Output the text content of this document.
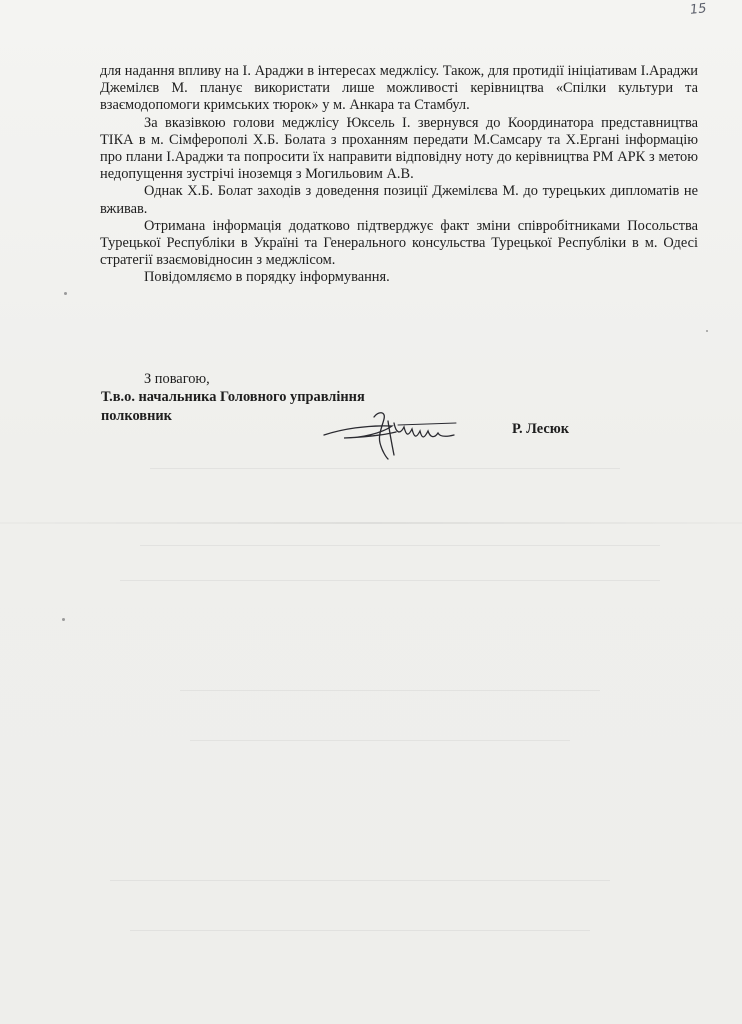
15

для надання впливу на І. Араджи в інтересах меджлісу. Також, для протидії ініціативам І.Араджи Джемілєв М. планує використати лише можливості керівництва «Спілки культури та взаємодопомоги кримських тюрок» у м. Анкара та Стамбул.

За вказівкою голови меджлісу Юксель І. звернувся до Координатора представництва ТІКА в м. Сімферополі Х.Б. Болата з проханням передати М.Самсару та Х.Ергані інформацію про плани І.Араджи та попросити їх направити відповідну ноту до керівництва РМ АРК з метою недопущення зустрічі іноземця з Могильовим А.В.

Однак Х.Б. Болат заходів з доведення позиції Джемілєва М. до турецьких дипломатів не вживав.

Отримана інформація додатково підтверджує факт зміни співробітниками Посольства Турецької Республіки в Україні та Генерального консульства Турецької Республіки в м. Одесі стратегії взаємовідносин з меджлісом.

Повідомляємо в порядку інформування.

З повагою,
Т.в.о. начальника Головного управління
полковник
Р. Лесюк
